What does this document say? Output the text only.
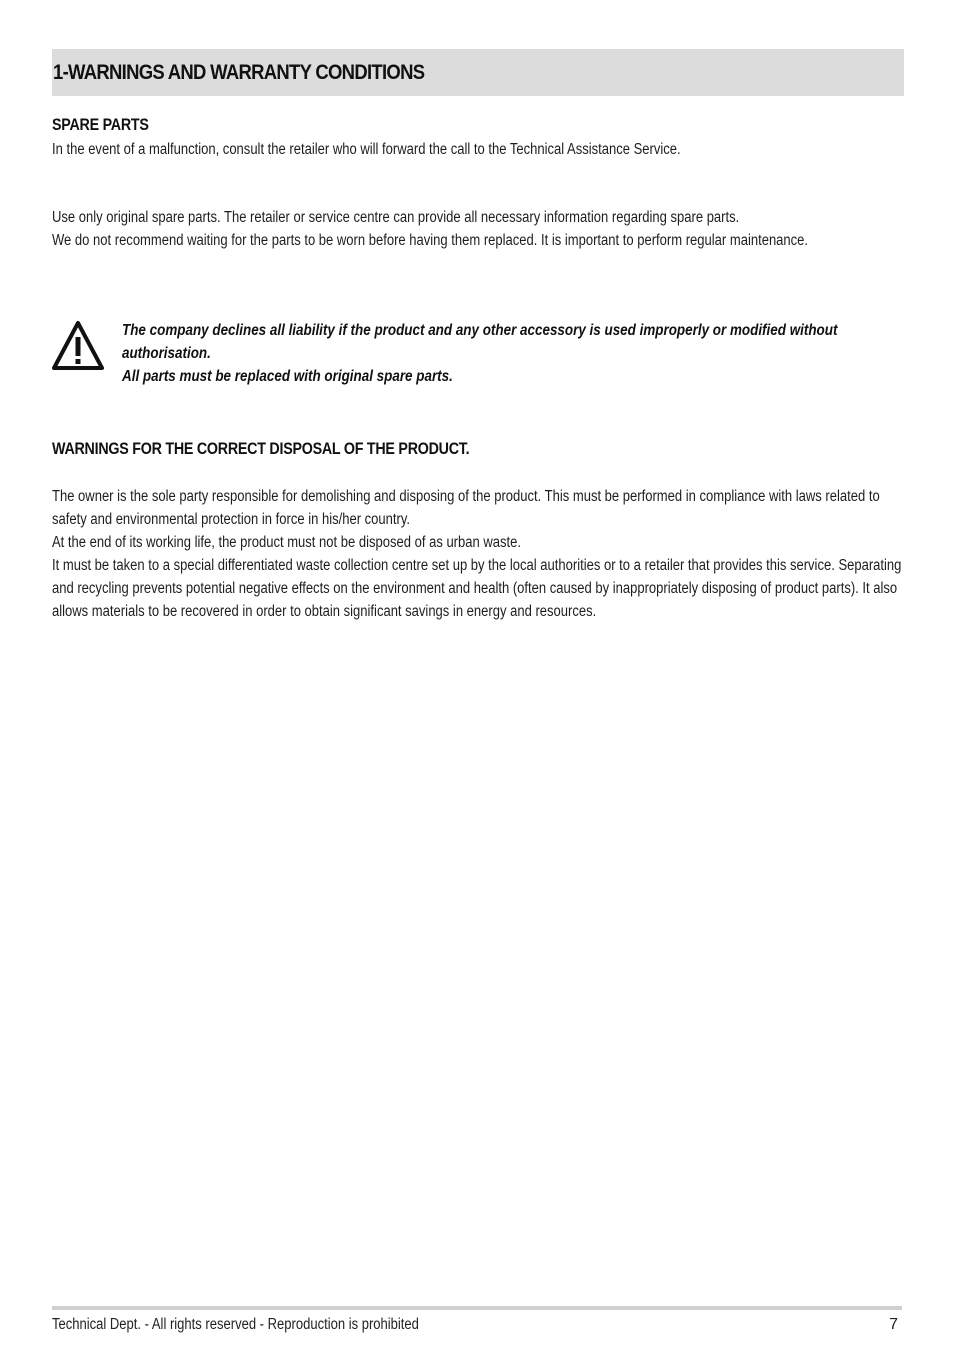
1-WARNINGS AND WARRANTY CONDITIONS
SPARE PARTS
In the event of a malfunction, consult the retailer who will forward the call to the Technical Assistance Service.

Use only original spare parts. The retailer or service centre can provide all necessary information regarding spare parts.

We do not recommend waiting for the parts to be worn before having them replaced. It is important to perform regular maintenance.

The company declines all liability if the product and any other accessory is used improperly or modified without authorisation.

All parts must be replaced with original spare parts.

WARNINGS FOR THE CORRECT DISPOSAL OF THE PRODUCT.

The owner is the sole party responsible for demolishing and disposing of the product. This must be performed in compliance with laws related to safety and environmental protection in force in his/her country.

At the end of its working life, the product must not be disposed of as urban waste.

It must be taken to a special differentiated waste collection centre set up by the local authorities or to a retailer that provides this service. Separating and recycling prevents potential negative effects on the environment and health (often caused by inappropriately disposing of product parts). It also allows materials to be recovered in order to obtain significant savings in energy and resources.

Technical Dept. - All rights reserved - Reproduction is prohibited	7
